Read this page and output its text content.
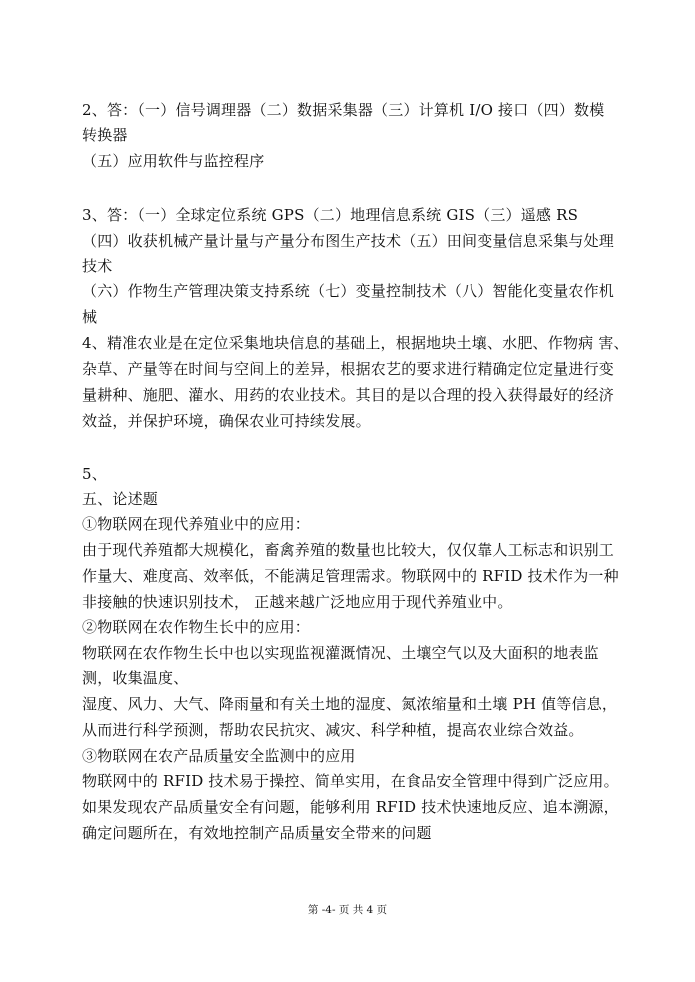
2、答：（一）信号调理器（二）数据采集器（三）计算机 I/O 接口（四）数模
转换器
（五）应用软件与监控程序
3、答：（一）全球定位系统 GPS（二）地理信息系统 GIS（三）遥感 RS
（四）收获机械产量计量与产量分布图生产技术（五）田间变量信息采集与处理
技术
（六）作物生产管理决策支持系统（七）变量控制技术（八）智能化变量农作机
械
4、精准农业是在定位采集地块信息的基础上，根据地块土壤、水肥、作物病 害、
杂草、产量等在时间与空间上的差异，根据农艺的要求进行精确定位定量进行变
量耕种、施肥、灌水、用药的农业技术。其目的是以合理的投入获得最好的经济
效益，并保护环境，确保农业可持续发展。
5、
五、论述题
①物联网在现代养殖业中的应用：
由于现代养殖都大规模化，畜禽养殖的数量也比较大，仅仅靠人工标志和识别工
作量大、难度高、效率低，不能满足管理需求。物联网中的 RFID 技术作为一种
非接触的快速识别技术， 正越来越广泛地应用于现代养殖业中。
②物联网在农作物生长中的应用：
物联网在农作物生长中也以实现监视灌溉情况、土壤空气以及大面积的地表监
测，收集温度、
湿度、风力、大气、降雨量和有关土地的湿度、氮浓缩量和土壤 PH 值等信息，
从而进行科学预测，帮助农民抗灾、减灾、科学种植，提高农业综合效益。
③物联网在农产品质量安全监测中的应用
物联网中的 RFID 技术易于操控、简单实用，在食品安全管理中得到广泛应用。
如果发现农产品质量安全有问题，能够利用 RFID 技术快速地反应、追本溯源，
确定问题所在，有效地控制产品质量安全带来的问题
第 -4- 页 共 4 页
